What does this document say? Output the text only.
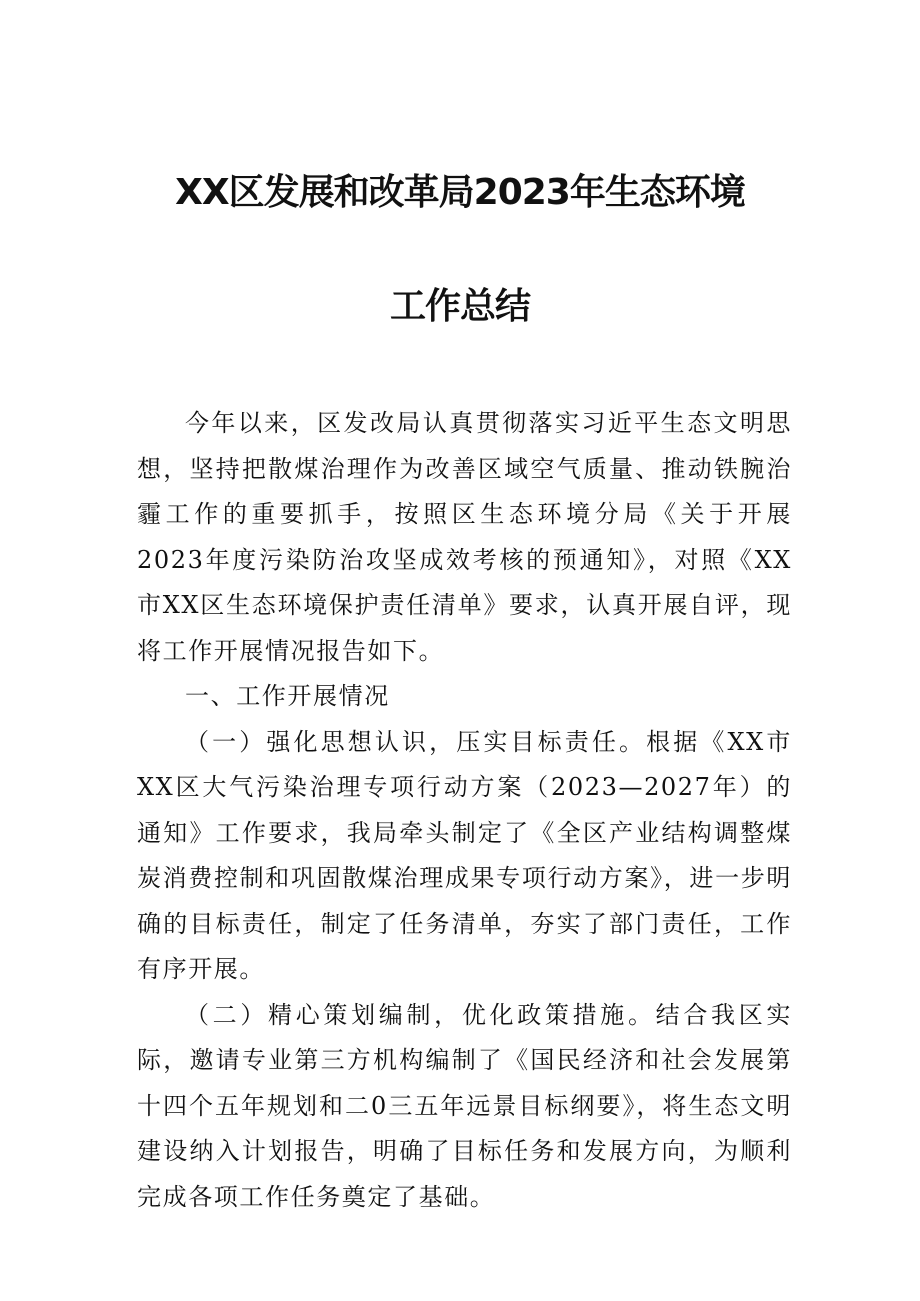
XX区发展和改革局2023年生态环境
工作总结

今年以来，区发改局认真贯彻落实习近平生态文明思想，坚持把散煤治理作为改善区域空气质量、推动铁腕治霾工作的重要抓手，按照区生态环境分局《关于开展2023年度污染防治攻坚成效考核的预通知》，对照《XX市XX区生态环境保护责任清单》要求，认真开展自评，现将工作开展情况报告如下。

一、工作开展情况

（一）强化思想认识，压实目标责任。根据《XX市XX区大气污染治理专项行动方案（2023—2027年）的通知》工作要求，我局牵头制定了《全区产业结构调整煤炭消费控制和巩固散煤治理成果专项行动方案》，进一步明确的目标责任，制定了任务清单，夯实了部门责任，工作有序开展。

（二）精心策划编制，优化政策措施。结合我区实际，邀请专业第三方机构编制了《国民经济和社会发展第十四个五年规划和二0三五年远景目标纲要》，将生态文明建设纳入计划报告，明确了目标任务和发展方向，为顺利完成各项工作任务奠定了基础。
